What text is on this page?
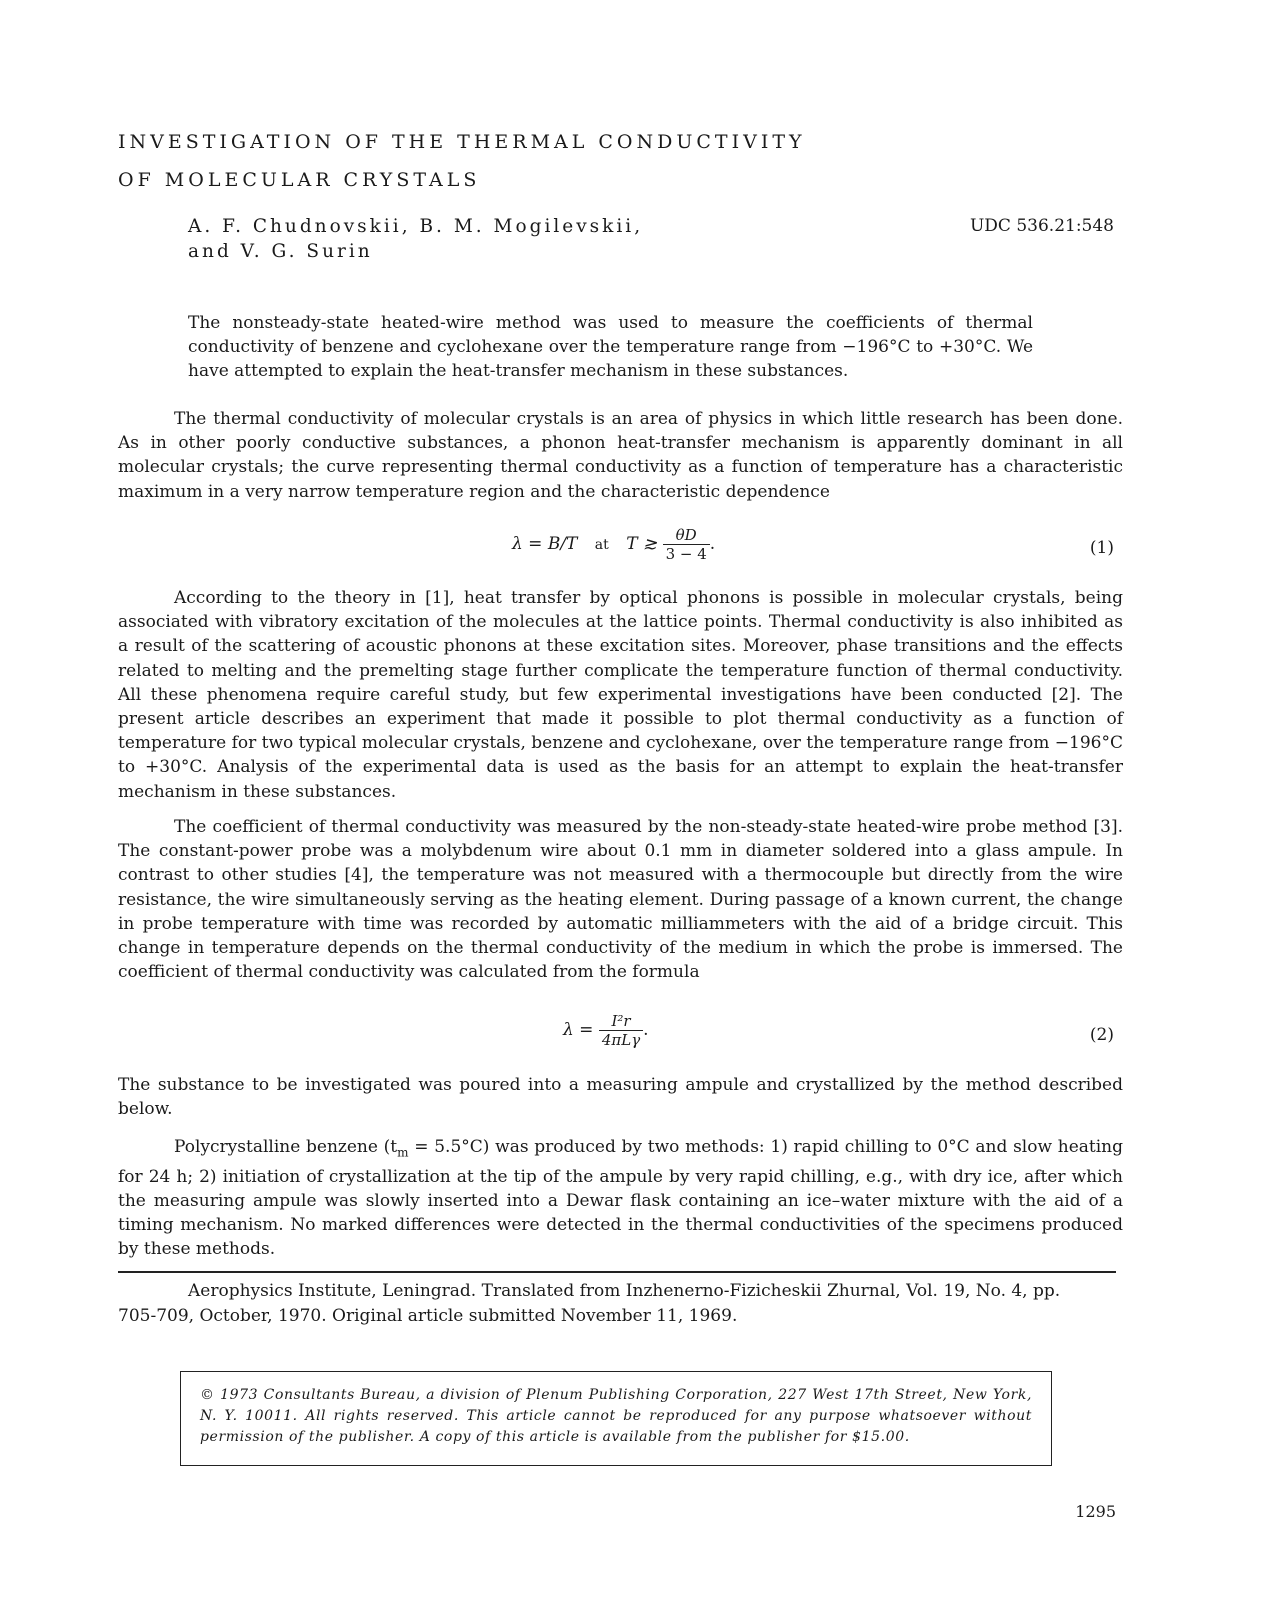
INVESTIGATION OF THE THERMAL CONDUCTIVITY
OF MOLECULAR CRYSTALS
A. F. Chudnovskii, B. M. Mogilevskii,
and V. G. Surin
UDC 536.21:548

The nonsteady-state heated-wire method was used to measure the coefficients of thermal conductivity of benzene and cyclohexane over the temperature range from −196°C to +30°C. We have attempted to explain the heat-transfer mechanism in these substances.

The thermal conductivity of molecular crystals is an area of physics in which little research has been done. As in other poorly conductive substances, a phonon heat-transfer mechanism is apparently dominant in all molecular crystals; the curve representing thermal conductivity as a function of temperature has a characteristic maximum in a very narrow temperature region and the characteristic dependence

λ = B/T at T ≳ $\frac{\theta D}{3 - 4}$ .	(1)

According to the theory in [1], heat transfer by optical phonons is possible in molecular crystals, being associated with vibratory excitation of the molecules at the lattice points. Thermal conductivity is also inhibited as a result of the scattering of acoustic phonons at these excitation sites. Moreover, phase transitions and the effects related to melting and the premelting stage further complicate the temperature function of thermal conductivity. All these phenomena require careful study, but few experimental investigations have been conducted [2]. The present article describes an experiment that made it possible to plot thermal conductivity as a function of temperature for two typical molecular crystals, benzene and cyclohexane, over the temperature range from −196°C to +30°C. Analysis of the experimental data is used as the basis for an attempt to explain the heat-transfer mechanism in these substances.

The coefficient of thermal conductivity was measured by the non-steady-state heated-wire probe method [3]. The constant-power probe was a molybdenum wire about 0.1 mm in diameter soldered into a glass ampule. In contrast to other studies [4], the temperature was not measured with a thermocouple but directly from the wire resistance, the wire simultaneously serving as the heating element. During passage of a known current, the change in probe temperature with time was recorded by automatic milliammeters with the aid of a bridge circuit. This change in temperature depends on the thermal conductivity of the medium in which the probe is immersed. The coefficient of thermal conductivity was calculated from the formula

$\lambda = \frac{\text{I²r}}{\text{4πLγ}}$ .	(2)

The substance to be investigated was poured into a measuring ampule and crystallized by the method described below.

Polycrystalline benzene $(t_m = 5.5^\circ C)$ was produced by two methods: 1) rapid chilling to 0°C and slow heating for 24 h; 2) initiation of crystallization at the tip of the ampule by very rapid chilling, e.g., with dry ice, after which the measuring ampule was slowly inserted into a Dewar flask containing an ice–water mixture with the aid of a timing mechanism. No marked differences were detected in the thermal conductivities of the specimens produced by these methods.

Aerophysics Institute, Leningrad. Translated from Inzhenerno-Fizicheskii Zhurnal, Vol. 19, No. 4, pp. 705-709, October, 1970. Original article submitted November 11, 1969.

© 1973 Consultants Bureau, a division of Plenum Publishing Corporation, 227 West 17th Street, New York, N. Y. 10011. All rights reserved. This article cannot be reproduced for any purpose whatsoever without permission of the publisher. A copy of this article is available from the publisher for $15.00.
1295
